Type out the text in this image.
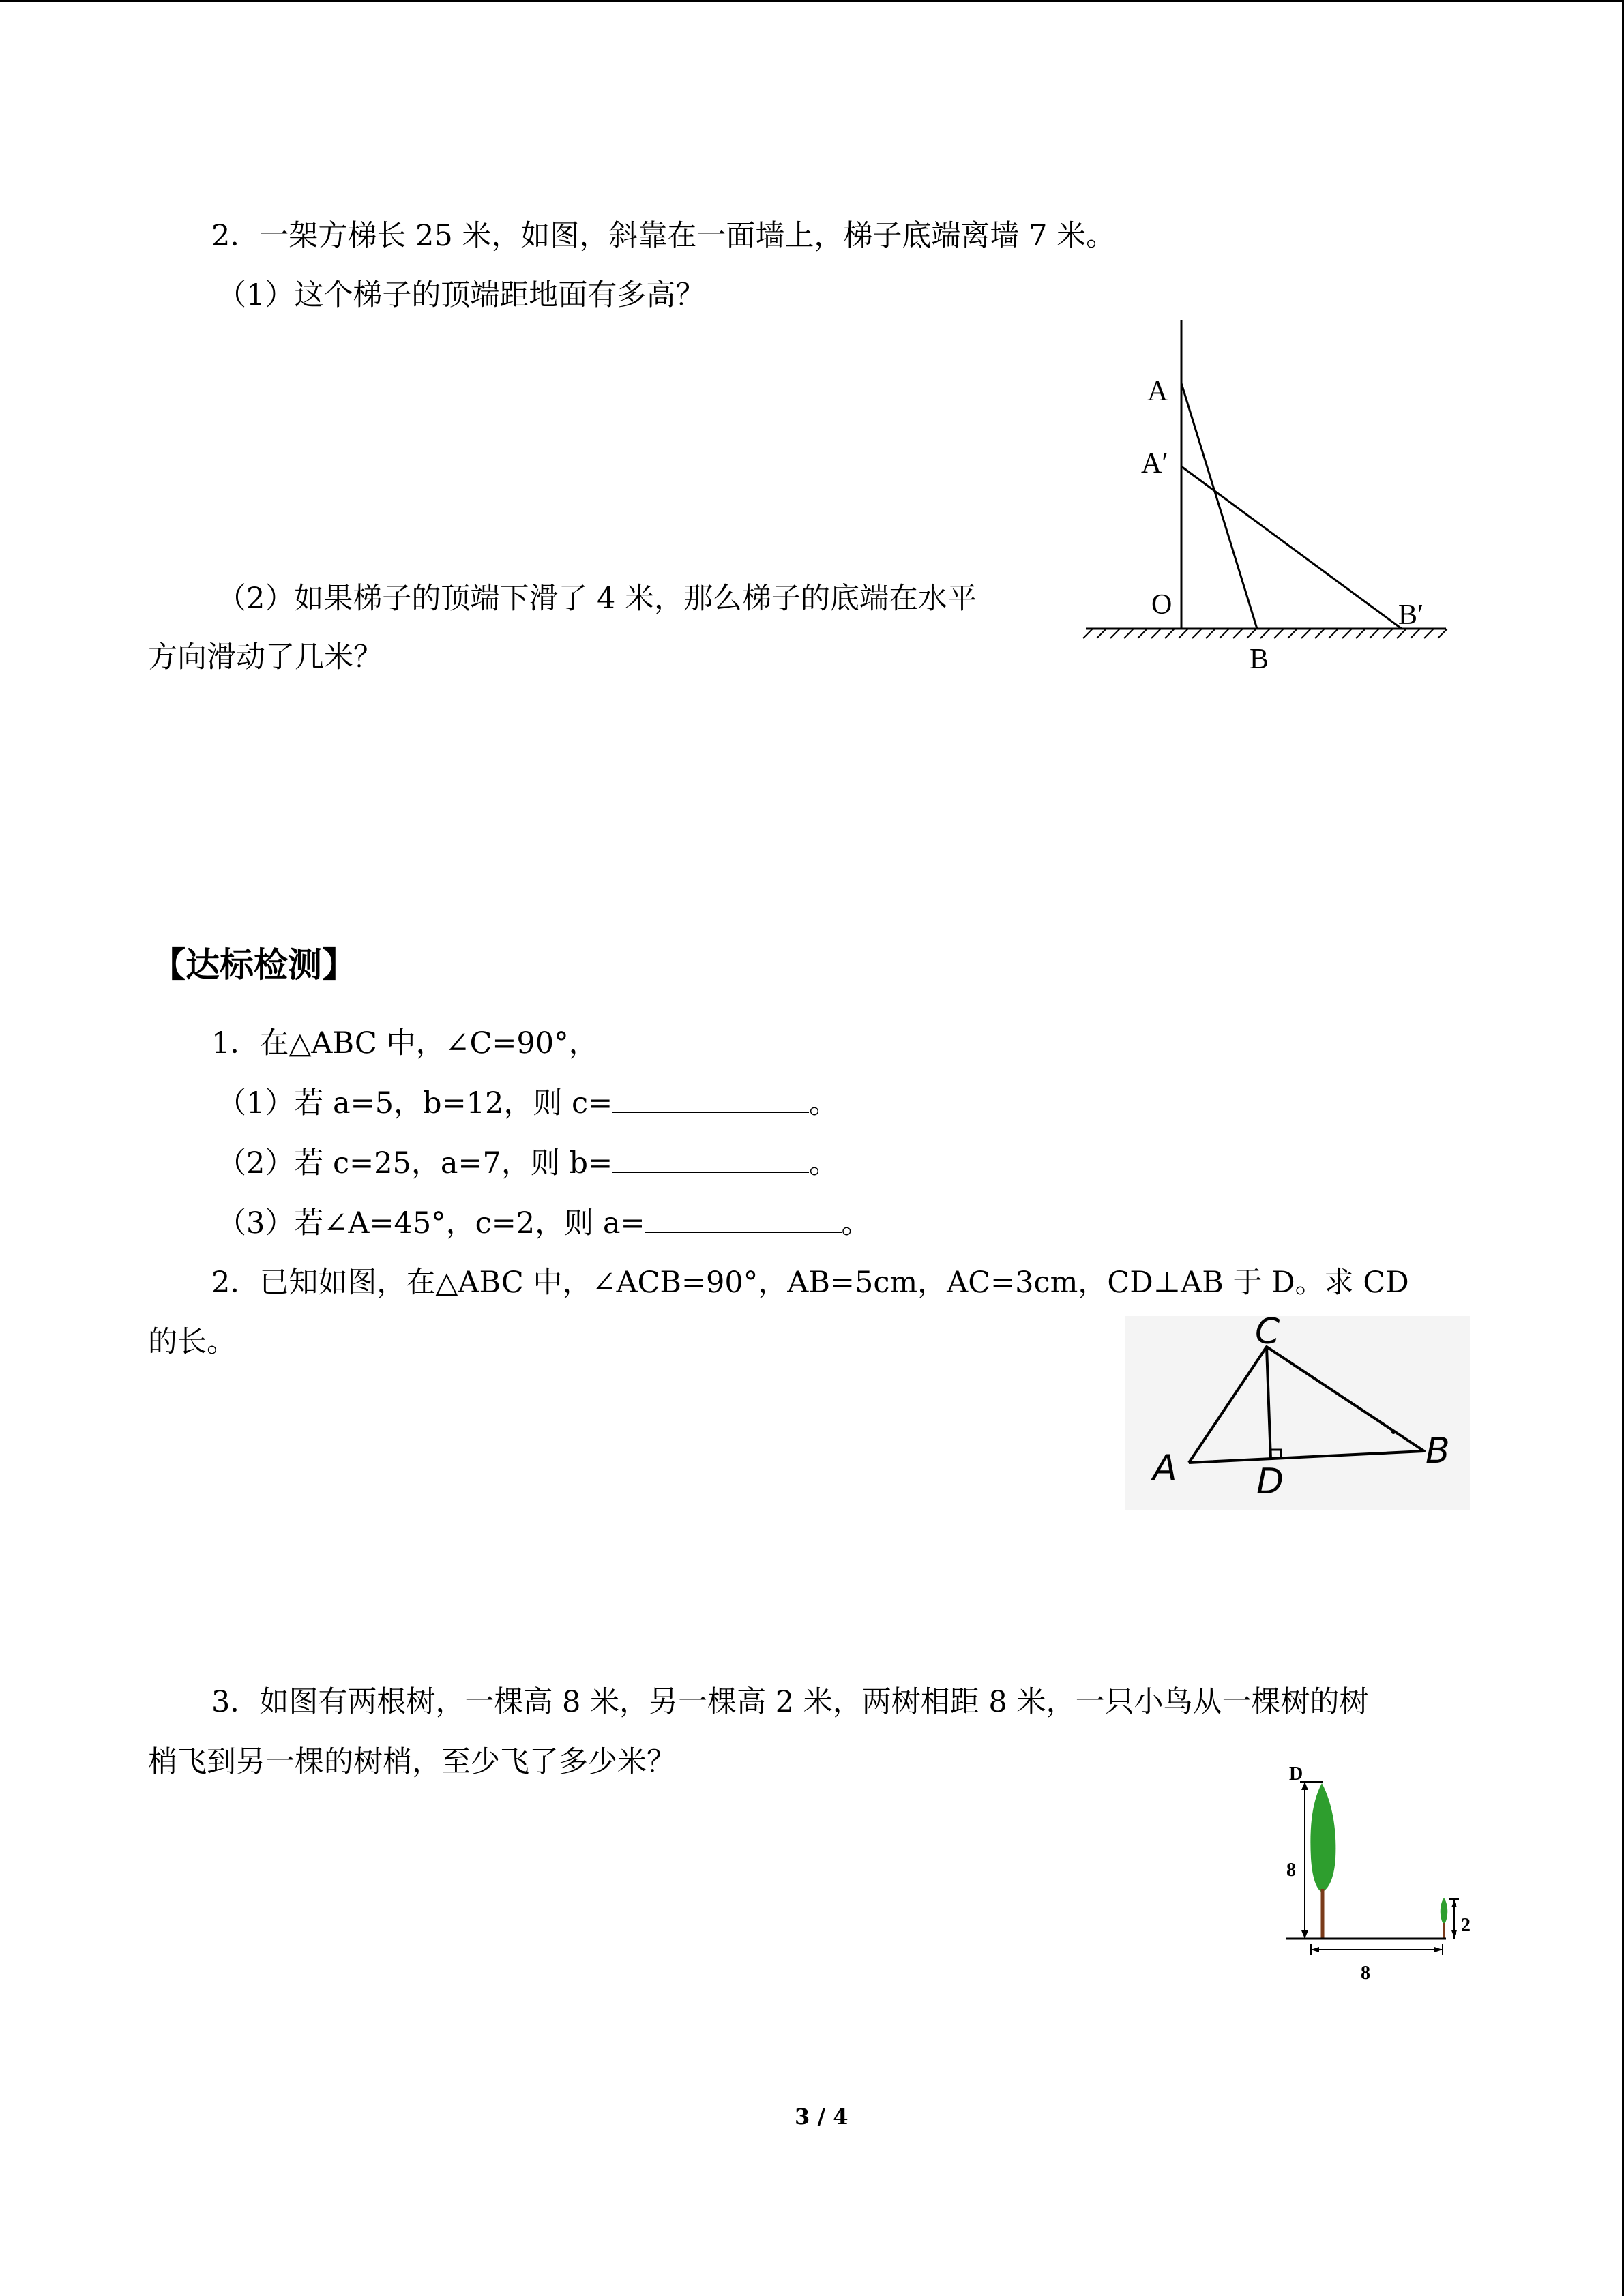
2．一架方梯长 25 米，如图，斜靠在一面墙上，梯子底端离墙 7 米。
（1）这个梯子的顶端距地面有多高？
（2）如果梯子的顶端下滑了 4 米，那么梯子的底端在水平
方向滑动了几米？
A
A′
O	B′
B
【达标检测】
1．在△ABC 中，∠C=90°，
（1）若 a=5，b=12，则 c=	。
（2）若 c=25，a=7，则 b=	。
（3）若∠A=45°，c=2，则 a=	。
2．已知如图，在△ABC 中，∠ACB=90°，AB=5cm，AC=3cm，CD⊥AB 于 D。求 CD
的长。	C
A	B
D
3．如图有两根树，一棵高 8 米，另一棵高 2 米，两树相距 8 米，一只小鸟从一棵树的树
梢飞到另一棵的树梢，至少飞了多少米？	D
8
2
8
3 / 4
